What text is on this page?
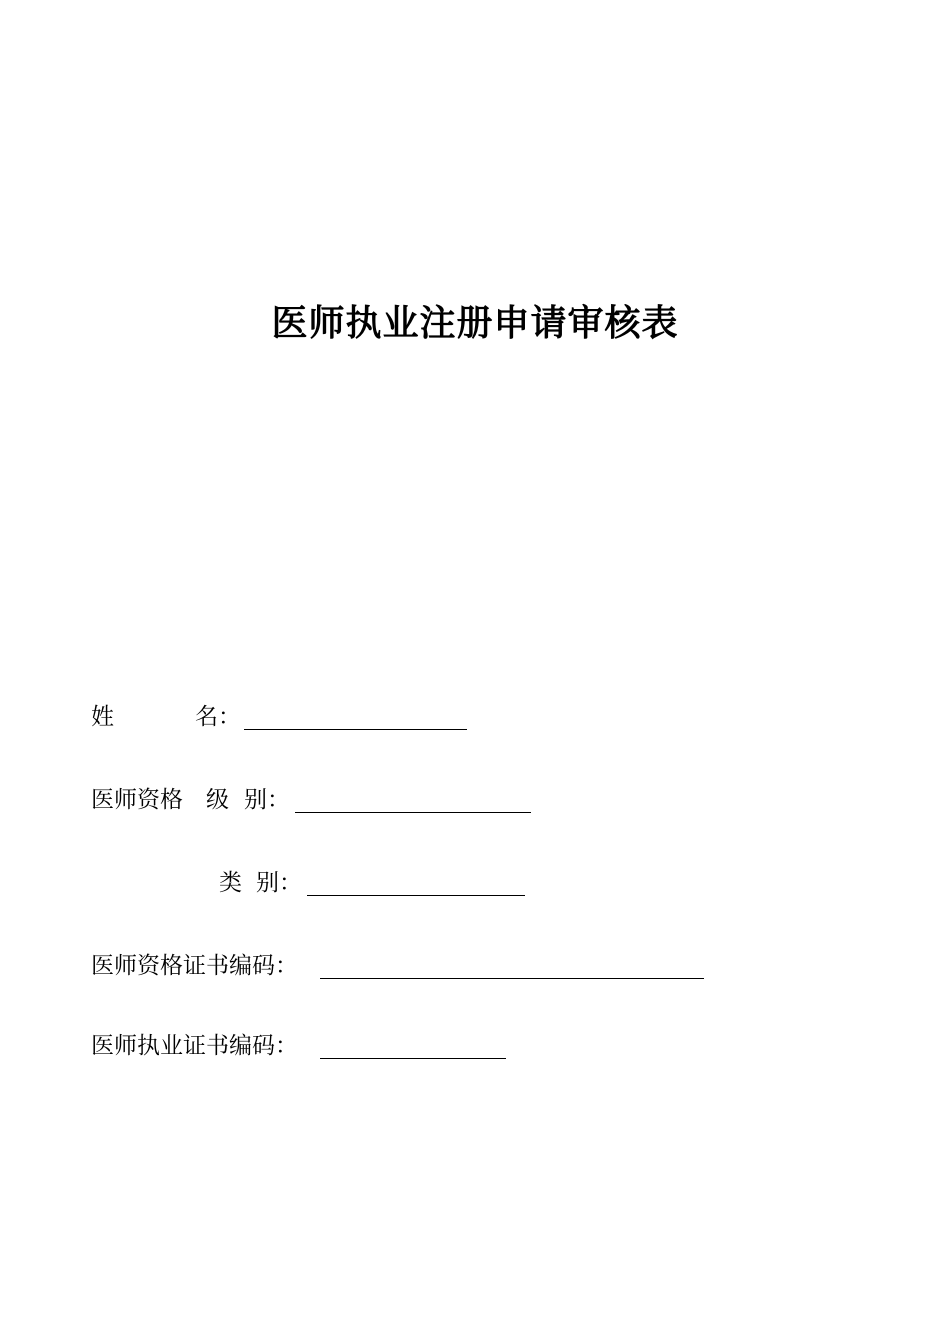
医师执业注册申请审核表
姓	名：
医师资格 级 别：
类 别：
医师资格证书编码：
医师执业证书编码：
